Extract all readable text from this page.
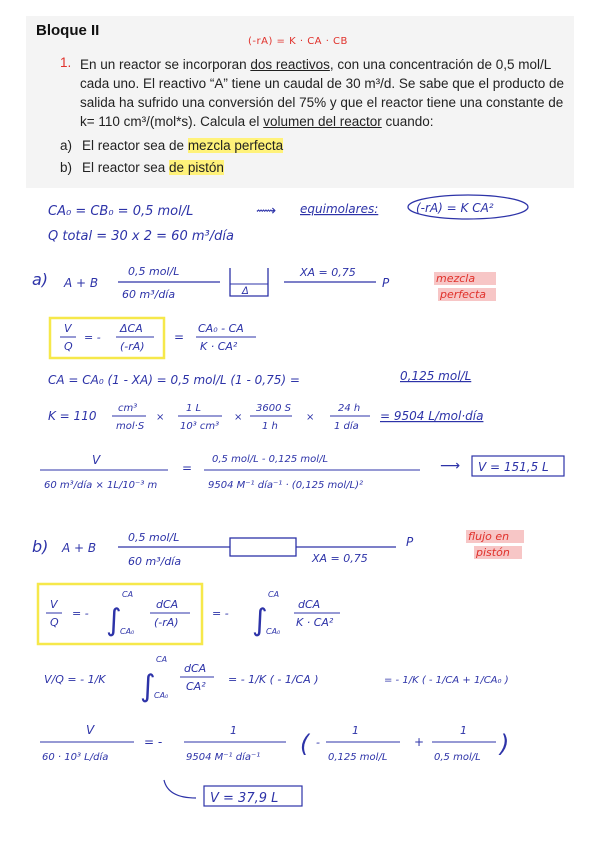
Bloque II
(-rA) = K · CA · CB
1. En un reactor se incorporan dos reactivos, con una concentración de 0,5 mol/L cada uno. El reactivo “A” tiene un caudal de 30 m³/d. Se sabe que el producto de salida ha sufrido una conversión del 75% y que el reactor tiene una constante de k= 110 cm³/(mol*s). Calcula el volumen del reactor cuando:
a) El reactor sea de mezcla perfecta
b) El reactor sea de pistón
CA₀ = CB₀ = 0,5 mol/L	⟿ equimolares:	(-rA) = K CA²
Q total = 30 x 2 = 60 m³/día
a) A + B
0,5 mol/L
60 m³/día	ᐃ
XA = 0,75
P	mezcla
perfecta
V
Q
= -
ΔCA
(-rA)
=
CA₀ - CA
K · CA²
CA = CA₀ (1 - XA) = 0,5 mol/L (1 - 0,75) =	0,125 mol/L
K = 110
cm³
mol·S
×
1 L
10³ cm³
×
3600 S
1 h
×
24 h
1 día
= 9504 L/mol·día
V
60 m³/día × 1L/10⁻³ m
=
0,5 mol/L - 0,125 mol/L
9504 M⁻¹ día⁻¹ · (0,125 mol/L)²
⟶ V = 151,5 L
b) A + B
0,5 mol/L
60 m³/día	XA = 0,75
P	flujo en
pistón
V
Q
= - ∫
CA
CA₀
dCA
(-rA)
= - ∫
CA
CA₀
dCA
K · CA²
V/Q = - 1/K ∫
CA
CA₀
dCA
CA²
= - 1/K ( - 1/CA )	= - 1/K ( - 1/CA + 1/CA₀ )
V
60 · 10³ L/día
= -
1
9504 M⁻¹ día⁻¹ ( -
1
0,125 mol/L
+
1
0,5 mol/L )
V = 37,9 L
